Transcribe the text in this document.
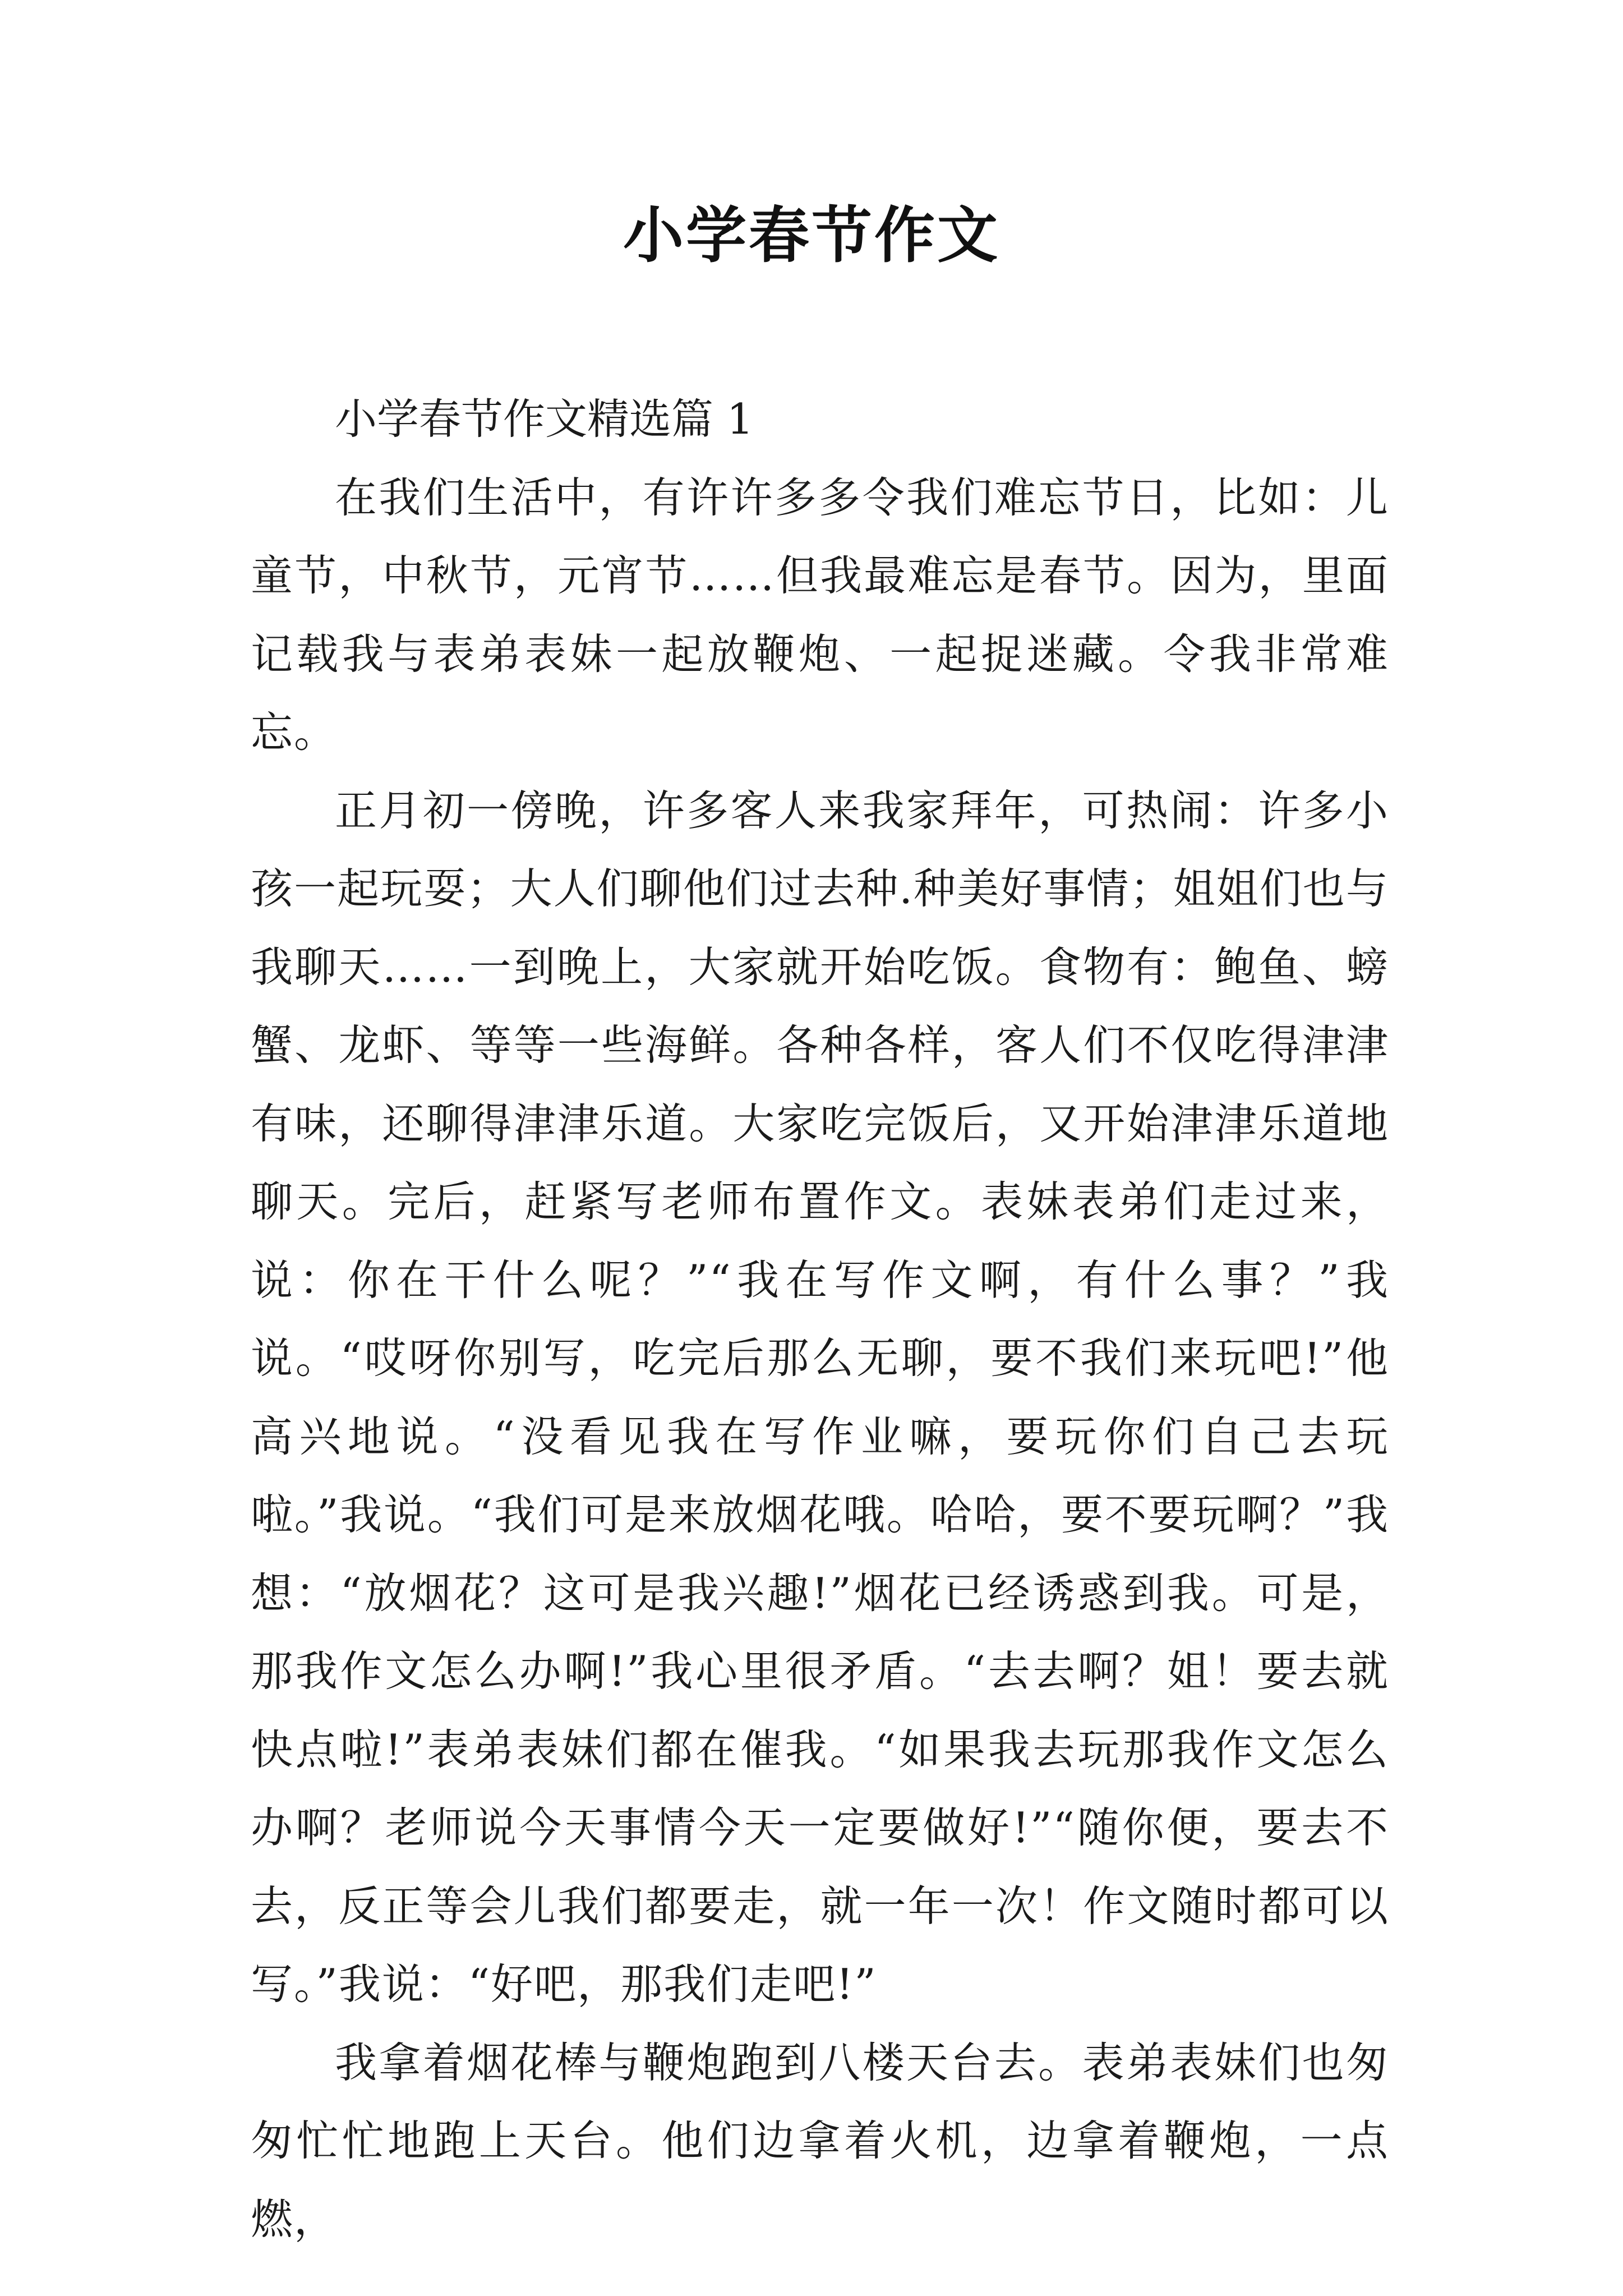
小学春节作文

小学春节作文精选篇 1

在我们生活中，有许许多多令我们难忘节日，比如：儿童节，中秋节，元宵节……但我最难忘是春节。因为，里面记载我与表弟表妹一起放鞭炮、一起捉迷藏。令我非常难忘。

正月初一傍晚，许多客人来我家拜年，可热闹：许多小孩一起玩耍；大人们聊他们过去种.种美好事情；姐姐们也与我聊天……一到晚上，大家就开始吃饭。食物有：鲍鱼、螃蟹、龙虾、等等一些海鲜。各种各样，客人们不仅吃得津津有味，还聊得津津乐道。大家吃完饭后，又开始津津乐道地聊天。完后，赶紧写老师布置作文。表妹表弟们走过来，说：你在干什么呢？”“我在写作文啊，有什么事？”我说。“哎呀你别写，吃完后那么无聊，要不我们来玩吧!”他高兴地说。“没看见我在写作业嘛，要玩你们自己去玩啦。”我说。“我们可是来放烟花哦。哈哈，要不要玩啊？”我想：“放烟花？这可是我兴趣!”烟花已经诱惑到我。可是，那我作文怎么办啊!”我心里很矛盾。“去去啊？姐！要去就快点啦!”表弟表妹们都在催我。“如果我去玩那我作文怎么办啊？老师说今天事情今天一定要做好!”“随你便，要去不去，反正等会儿我们都要走，就一年一次！作文随时都可以写。”我说：“好吧，那我们走吧!”

我拿着烟花棒与鞭炮跑到八楼天台去。表弟表妹们也匆匆忙忙地跑上天台。他们边拿着火机，边拿着鞭炮，一点燃，
